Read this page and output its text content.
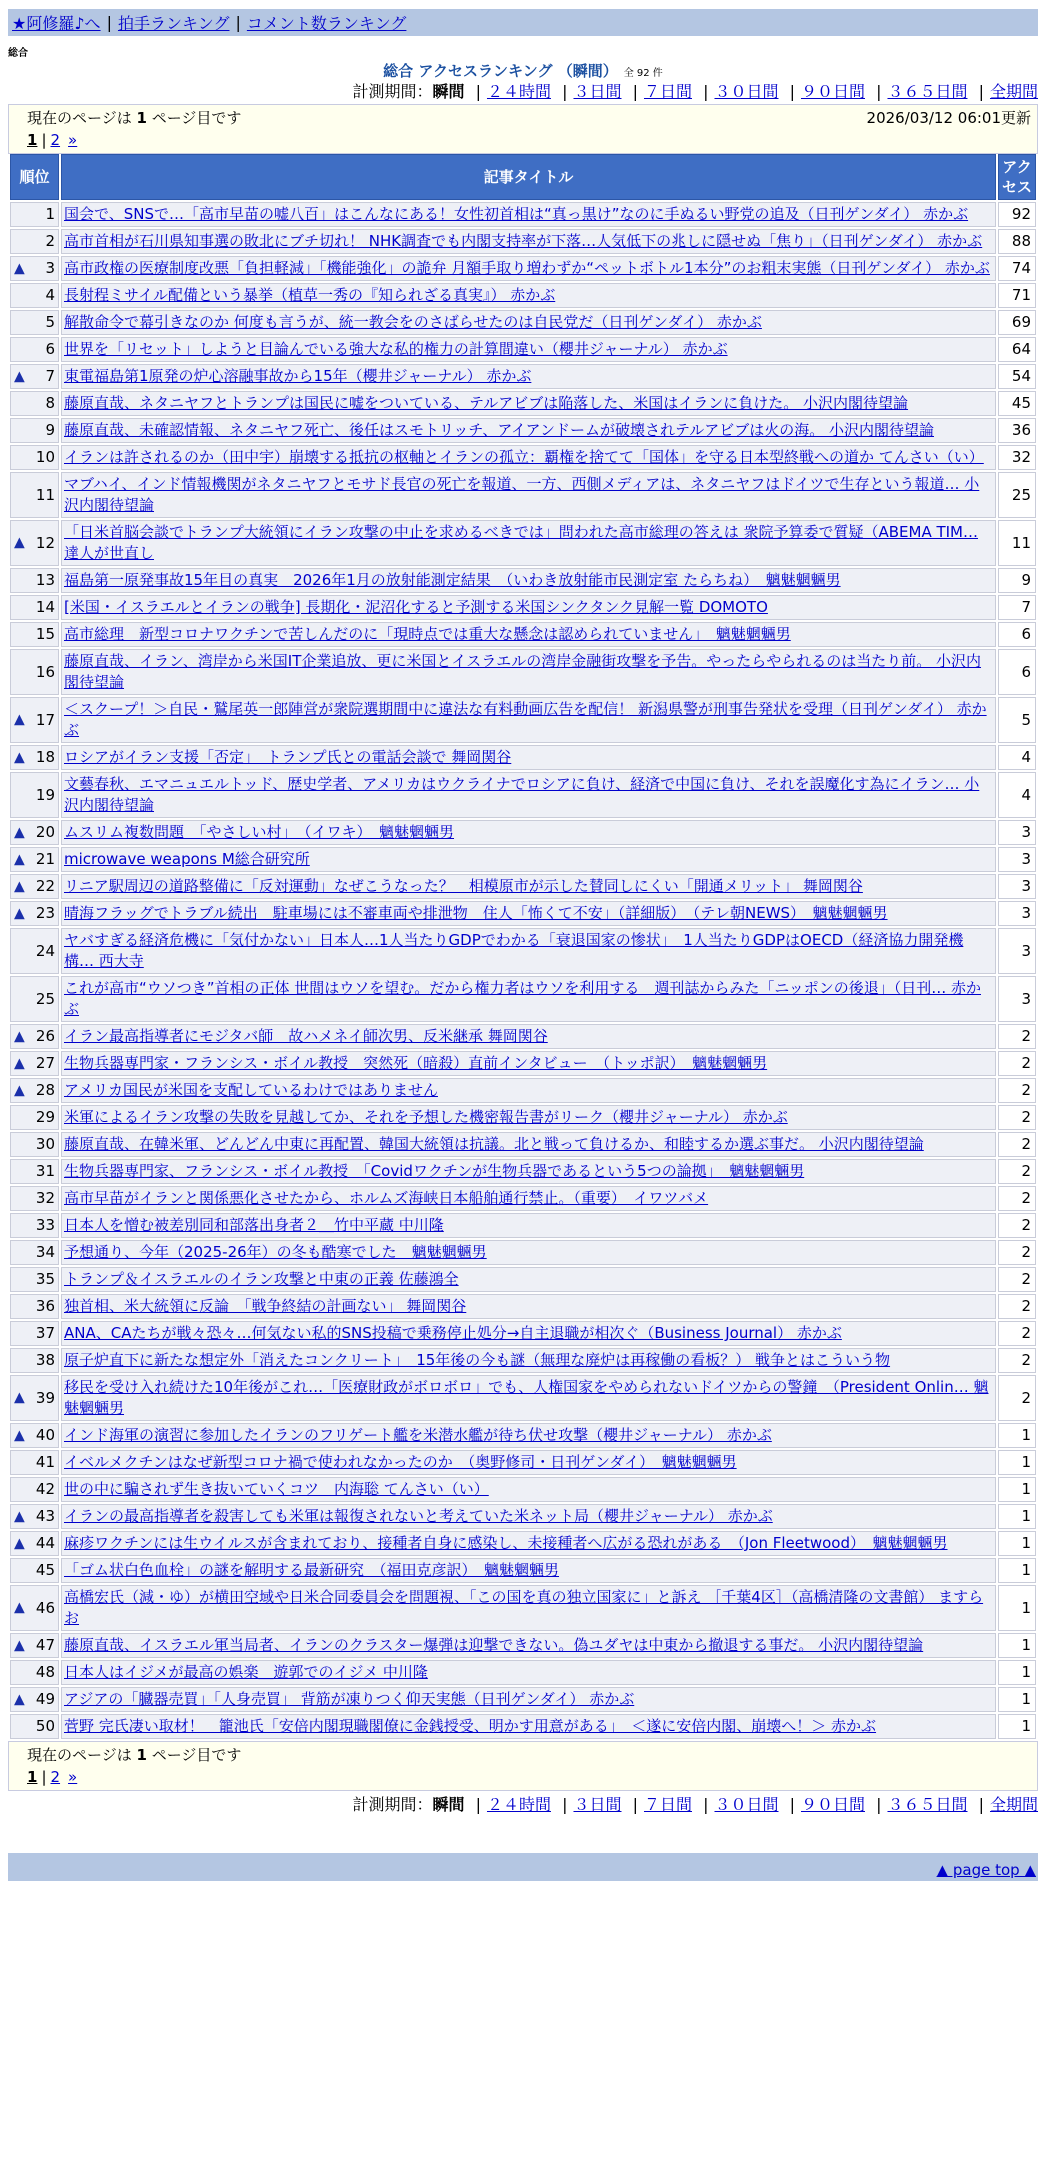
★阿修羅♪へ | 拍手ランキング | コメント数ランキング
総合
総合 アクセスランキング （瞬間） 全 92 件
計測期間：瞬間 | ２４時間 | ３日間 | ７日間 | ３０日間 | ９０日間 | ３６５日間 | 全期間
現在のページは 1 ページ目です	2026/03/12 06:01更新
1 | 2 »
順位	記事タイトル	アクセス
1	国会で、SNSで…「高市早苗の嘘八百」はこんなにある！女性初首相は“真っ黒け”なのに手ぬるい野党の追及（日刊ゲンダイ） 赤かぶ	92
2	高市首相が石川県知事選の敗北にブチ切れ！ NHK調査でも内閣支持率が下落…人気低下の兆しに隠せぬ「焦り」（日刊ゲンダイ） 赤かぶ	88

▲ 3	高市政権の医療制度改悪「負担軽減」「機能強化」の詭弁 月額手取り増わずか“ペットボトル1本分”のお粗末実態（日刊ゲンダイ） 赤かぶ	74
4	長射程ミサイル配備という暴挙（植草一秀の『知られざる真実』） 赤かぶ	71
5	解散命令で幕引きなのか 何度も言うが、統一教会をのさばらせたのは自民党だ（日刊ゲンダイ） 赤かぶ	69
6	世界を「リセット」しようと目論んでいる強大な私的権力の計算間違い（櫻井ジャーナル） 赤かぶ	64

▲ 7	東電福島第1原発の炉心溶融事故から15年（櫻井ジャーナル） 赤かぶ	54
8	藤原直哉、ネタニヤフとトランプは国民に嘘をついている、テルアビブは陥落した、米国はイランに負けた。 小沢内閣待望論	45
9	藤原直哉、未確認情報、ネタニヤフ死亡、後任はスモトリッチ、アイアンドームが破壊されテルアビブは火の海。 小沢内閣待望論	36
10	イランは許されるのか（田中宇）崩壊する抵抗の枢軸とイランの孤立：覇権を捨てて「国体」を守る日本型終戦への道か てんさい（い）	32
11	マブハイ、インド情報機関がネタニヤフとモサド長官の死亡を報道、一方、西側メディアは、ネタニヤフはドイツで生存という報道… 小沢内閣待望論	25

▲ 12	「日米首脳会談でトランプ大統領にイラン攻撃の中止を求めるべきでは」問われた高市総理の答えは 衆院予算委で質疑（ABEMA TIM… 達人が世直し	11
13	福島第一原発事故15年目の真実　2026年1月の放射能測定結果　（いわき放射能市民測定室 たらちね）　魑魅魍魎男	9
14	[米国・イスラエルとイランの戦争] 長期化・泥沼化すると予測する米国シンクタンク見解一覧 DOMOTO	7
15	高市総理　新型コロナワクチンで苦しんだのに「現時点では重大な懸念は認められていません」　魑魅魍魎男	6
16	藤原直哉、イラン、湾岸から米国IT企業追放、更に米国とイスラエルの湾岸金融街攻撃を予告。やったらやられるのは当たり前。 小沢内閣待望論	6

▲ 17	＜スクープ！＞自民・鷲尾英一郎陣営が衆院選期間中に違法な有料動画広告を配信！ 新潟県警が刑事告発状を受理（日刊ゲンダイ） 赤かぶ	5

▲ 18	ロシアがイラン支援「否定」　トランプ氏との電話会談で 舞岡関谷	4
19	文藝春秋、エマニュエルトッド、歴史学者、アメリカはウクライナでロシアに負け、経済で中国に負け、それを誤魔化す為にイラン… 小沢内閣待望論	4

▲ 20	ムスリム複数問題　「やさしい村」　（イワキ）　魑魅魍魎男	3

▲ 21	microwave weapons M総合研究所	3

▲ 22	リニア駅周辺の道路整備に「反対運動」なぜこうなった？　相模原市が示した賛同しにくい「開通メリット」 舞岡関谷	3

▲ 23	晴海フラッグでトラブル続出　駐車場には不審車両や排泄物　住人「怖くて不安」（詳細版）　（テレ朝NEWS）　魑魅魍魎男	3
24	ヤバすぎる経済危機に「気付かない」日本人…1人当たりGDPでわかる「衰退国家の惨状」　1人当たりGDPはOECD（経済協力開発機構… 西大寺	3
25	これが高市“ウソつき”首相の正体 世間はウソを望む。だから権力者はウソを利用する　週刊誌からみた「ニッポンの後退」（日刊… 赤かぶ	3

▲ 26	イラン最高指導者にモジタバ師　故ハメネイ師次男、反米継承 舞岡関谷	2

▲ 27	生物兵器専門家・フランシス・ボイル教授　突然死（暗殺）直前インタビュー　（トッポ訳）　魑魅魍魎男	2

▲ 28	アメリカ国民が米国を支配しているわけではありません	2
29	米軍によるイラン攻撃の失敗を見越してか、それを予想した機密報告書がリーク（櫻井ジャーナル） 赤かぶ	2
30	藤原直哉、在韓米軍、どんどん中東に再配置、韓国大統領は抗議。北と戦って負けるか、和睦するか選ぶ事だ。 小沢内閣待望論	2
31	生物兵器専門家、フランシス・ボイル教授　「Covidワクチンが生物兵器であるという5つの論拠」　魑魅魍魎男	2
32	高市早苗がイランと関係悪化させたから、ホルムズ海峡日本船舶通行禁止。（重要）　イワツバメ	2
33	日本人を憎む被差別同和部落出身者２＿竹中平蔵 中川隆	2
34	予想通り、今年（2025-26年）の冬も酷寒でした　魑魅魍魎男	2
35	トランプ＆イスラエルのイラン攻撃と中東の正義 佐藤鴻全	2
36	独首相、米大統領に反論　「戦争終結の計画ない」 舞岡関谷	2
37	ANA、CAたちが戦々恐々…何気ない私的SNS投稿で乗務停止処分→自主退職が相次ぐ（Business Journal） 赤かぶ	2
38	原子炉直下に新たな想定外「消えたコンクリート」　15年後の今も謎（無理な廃炉は再稼働の看板？） 戦争とはこういう物	2

▲ 39	移民を受け入れ続けた10年後がこれ…「医療財政がボロボロ」でも、人権国家をやめられないドイツからの警鐘　（President Onlin… 魑魅魍魎男	2

▲ 40	インド海軍の演習に参加したイランのフリゲート艦を米潜水艦が待ち伏せ攻撃（櫻井ジャーナル） 赤かぶ	1
41	イベルメクチンはなぜ新型コロナ禍で使われなかったのか　（奥野修司・日刊ゲンダイ）　魑魅魍魎男	1
42	世の中に騙されず生き抜いていくコツ　内海聡 てんさい（い）	1

▲ 43	イランの最高指導者を殺害しても米軍は報復されないと考えていた米ネット局（櫻井ジャーナル） 赤かぶ	1

▲ 44	麻疹ワクチンには生ウイルスが含まれており、接種者自身に感染し、未接種者へ広がる恐れがある　（Jon Fleetwood）　魑魅魍魎男	1
45	「ゴム状白色血栓」の謎を解明する最新研究　（福田克彦訳）　魑魅魍魎男	1

▲ 46	高橋宏氏（減・ゆ）が横田空域や日米合同委員会を問題視、「この国を真の独立国家に」と訴え ［千葉4区］（高橋清隆の文書館） ますらお	1

▲ 47	藤原直哉、イスラエル軍当局者、イランのクラスター爆弾は迎撃できない。偽ユダヤは中東から撤退する事だ。 小沢内閣待望論	1
48	日本人はイジメが最高の娯楽＿遊郭でのイジメ 中川隆	1

▲ 49	アジアの「臓器売買」「人身売買」 背筋が凍りつく仰天実態（日刊ゲンダイ） 赤かぶ	1
50	菅野 完氏凄い取材！　籠池氏「安倍内閣現職閣僚に金銭授受、明かす用意がある」　＜遂に安倍内閣、崩壊へ！＞ 赤かぶ	1
現在のページは 1 ページ目です
1 | 2 »
計測期間：瞬間 | ２４時間 | ３日間 | ７日間 | ３０日間 | ９０日間 | ３６５日間 | 全期間
▲ page top ▲
